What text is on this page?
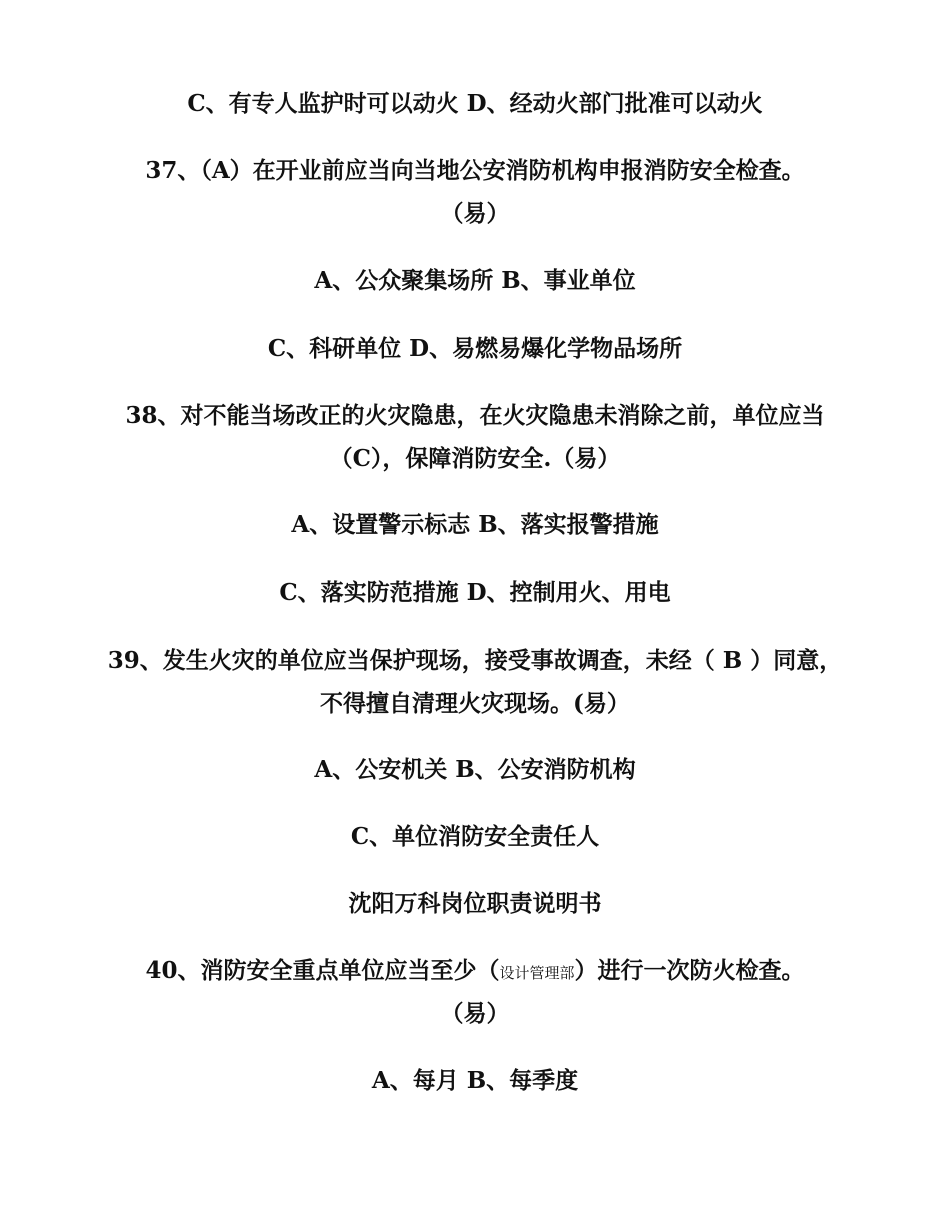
C、有专人监护时可以动火 D、经动火部门批准可以动火
37、（A）在开业前应当向当地公安消防机构申报消防安全检查。
（易）
A、公众聚集场所 B、事业单位
C、科研单位 D、易燃易爆化学物品场所
38、对不能当场改正的火灾隐患，在火灾隐患未消除之前，单位应当
（C），保障消防安全.（易）
A、设置警示标志 B、落实报警措施
C、落实防范措施 D、控制用火、用电
39、发生火灾的单位应当保护现场，接受事故调查，未经（ B ）同意，
不得擅自清理火灾现场。(易）
A、公安机关 B、公安消防机构
C、单位消防安全责任人
沈阳万科岗位职责说明书
40、消防安全重点单位应当至少（设计管理部）进行一次防火检查。
（易）
A、每月 B、每季度
